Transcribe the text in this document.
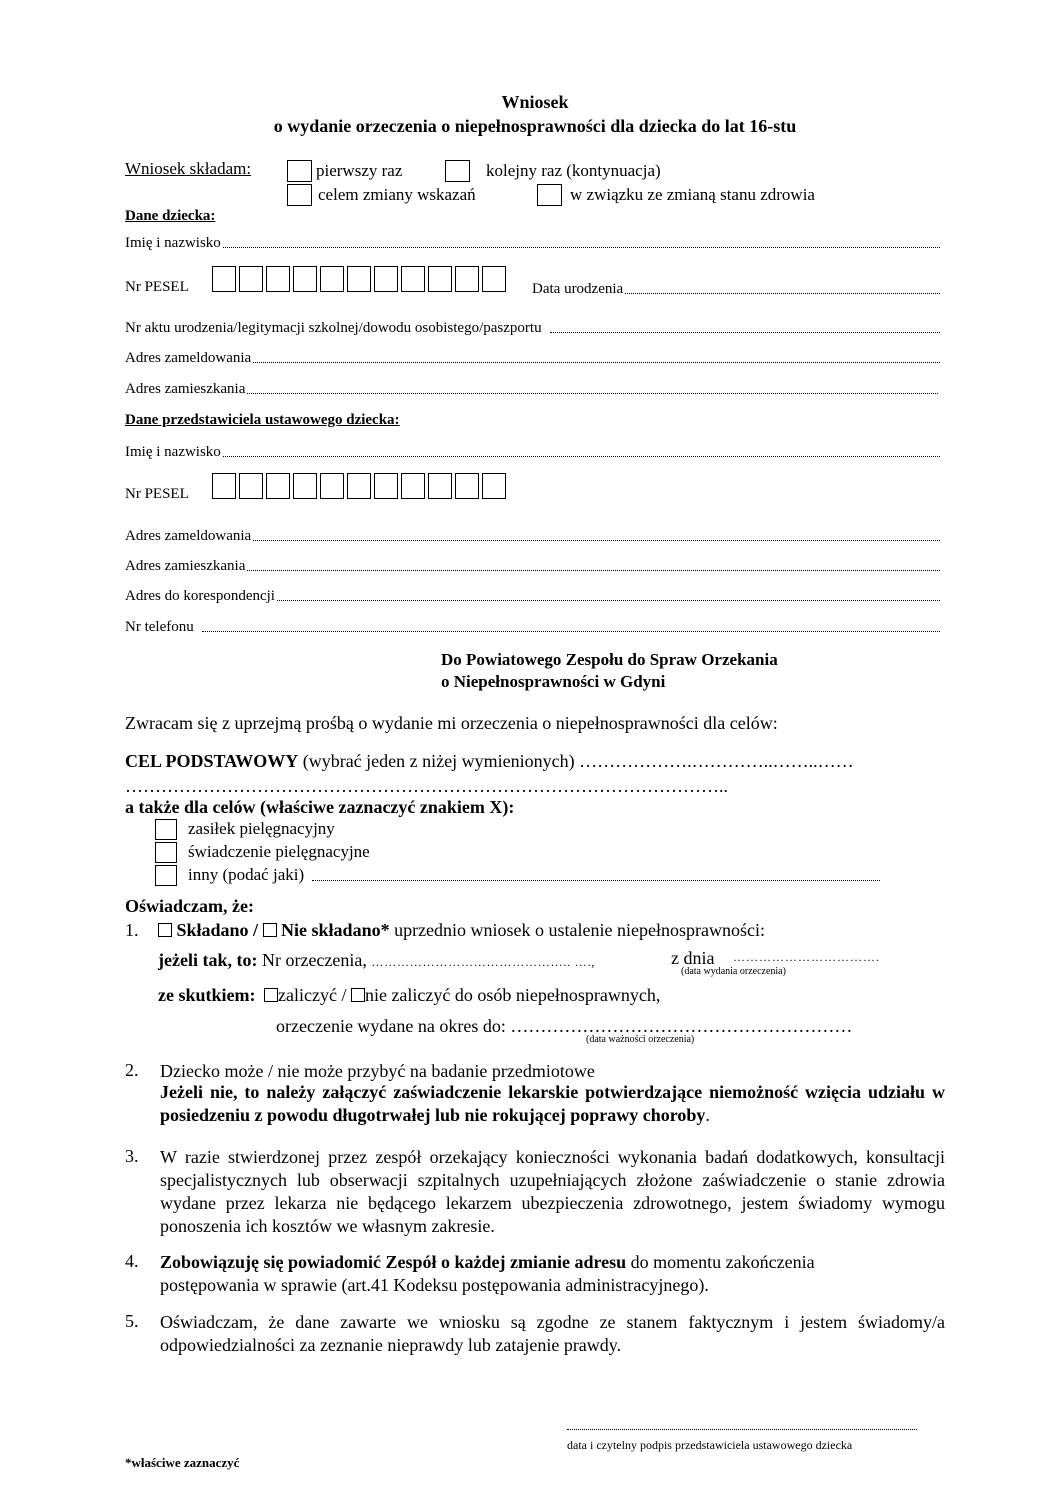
Wniosek
o wydanie orzeczenia o niepełnosprawności dla dziecka do lat 16-stu
Wniosek składam:	pierwszy raz	kolejny raz (kontynuacja)
celem zmiany wskazań	w związku ze zmianą stanu zdrowia
Dane dziecka:
Imię i nazwisko
Nr PESEL	Data urodzenia
Nr aktu urodzenia/legitymacji szkolnej/dowodu osobistego/paszportu
Adres zameldowania
Adres zamieszkania
Dane przedstawiciela ustawowego dziecka:
Imię i nazwisko
Nr PESEL
Adres zameldowania
Adres zamieszkania
Adres do korespondencji
Nr telefonu
Do Powiatowego Zespołu do Spraw Orzekania
o Niepełnosprawności w Gdyni
Zwracam się z uprzejmą prośbą o wydanie mi orzeczenia o niepełnosprawności dla celów:
CEL PODSTAWOWY (wybrać jeden z niżej wymienionych) ……………….…………..……..……
………………………………………………………………………………………..
a także dla celów (właściwe zaznaczyć znakiem X):
zasiłek pielęgnacyjny
świadczenie pielęgnacyjne
inny (podać jaki)
Oświadczam, że:
1.	Składano / Nie składano* uprzednio wniosek o ustalenie niepełnosprawności:
jeżeli tak, to: Nr orzeczenia, ……………………………………….. ….,	z dnia …………………………….
(data wydania orzeczenia)
ze skutkiem: zaliczyć / nie zaliczyć do osób niepełnosprawnych,
orzeczenie wydane na okres do: …………………………………………………
(data ważności orzeczenia)
2. Dziecko może / nie może przybyć na badanie przedmiotowe
Jeżeli nie, to należy załączyć zaświadczenie lekarskie potwierdzające niemożność wzięcia udziału w posiedzeniu z powodu długotrwałej lub nie rokującej poprawy choroby.
3. W razie stwierdzonej przez zespół orzekający konieczności wykonania badań dodatkowych, konsultacji specjalistycznych lub obserwacji szpitalnych uzupełniających złożone zaświadczenie o stanie zdrowia wydane przez lekarza nie będącego lekarzem ubezpieczenia zdrowotnego, jestem świadomy wymogu ponoszenia ich kosztów we własnym zakresie.
4. Zobowiązuję się powiadomić Zespół o każdej zmianie adresu do momentu zakończenia postępowania w sprawie (art.41 Kodeksu postępowania administracyjnego).
5. Oświadczam, że dane zawarte we wniosku są zgodne ze stanem faktycznym i jestem świadomy/a odpowiedzialności za zeznanie nieprawdy lub zatajenie prawdy.
data i czytelny podpis przedstawiciela ustawowego dziecka
*właściwe zaznaczyć
